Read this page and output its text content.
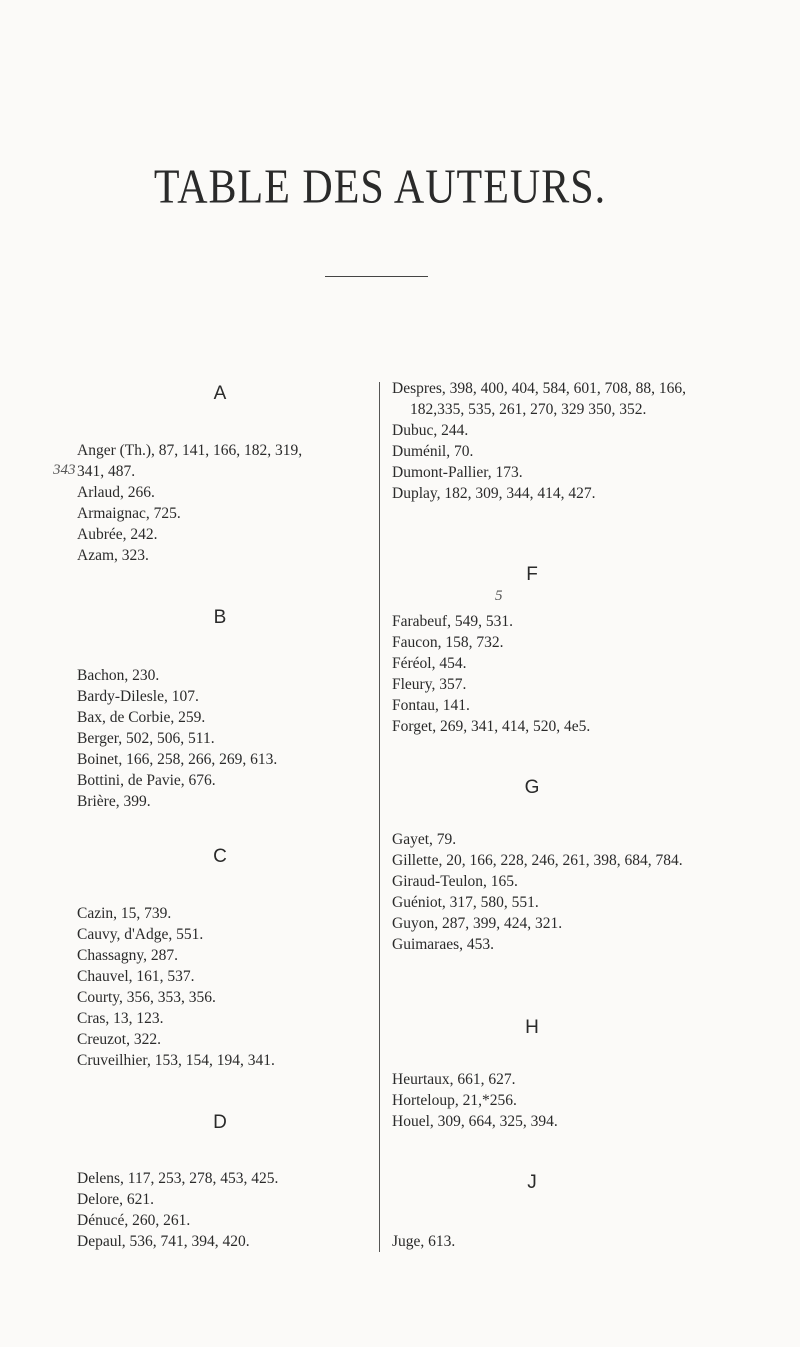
TABLE DES AUTEURS.
A
Anger (Th.), 87, 141, 166, 182, 319,
341, 487.
Arlaud, 266.
Armaignac, 725.
Aubrée, 242.
Azam, 323.
343
B
Bachon, 230.
Bardy-Dilesle, 107.
Bax, de Corbie, 259.
Berger, 502, 506, 511.
Boinet, 166, 258, 266, 269, 613.
Bottini, de Pavie, 676.
Brière, 399.
C
Cazin, 15, 739.
Cauvy, d'Adge, 551.
Chassagny, 287.
Chauvel, 161, 537.
Courty, 356, 353, 356.
Cras, 13, 123.
Creuzot, 322.
Cruveilhier, 153, 154, 194, 341.
D
Delens, 117, 253, 278, 453, 425.
Delore, 621.
Dénucé, 260, 261.
Depaul, 536, 741, 394, 420.
Despres, 398, 400, 404, 584, 601, 708, 88, 166, 182,335, 535, 261, 270, 329 350, 352.
Dubuc, 244.
Duménil, 70.
Dumont-Pallier, 173.
Duplay, 182, 309, 344, 414, 427.
F
5
Farabeuf, 549, 531.
Faucon, 158, 732.
Féréol, 454.
Fleury, 357.
Fontau, 141.
Forget, 269, 341, 414, 520, 4e5.
G
Gayet, 79.
Gillette, 20, 166, 228, 246, 261, 398, 684, 784.
Giraud-Teulon, 165.
Guéniot, 317, 580, 551.
Guyon, 287, 399, 424, 321.
Guimaraes, 453.
H
Heurtaux, 661, 627.
Horteloup, 21,*256.
Houel, 309, 664, 325, 394.
J
Juge, 613.
